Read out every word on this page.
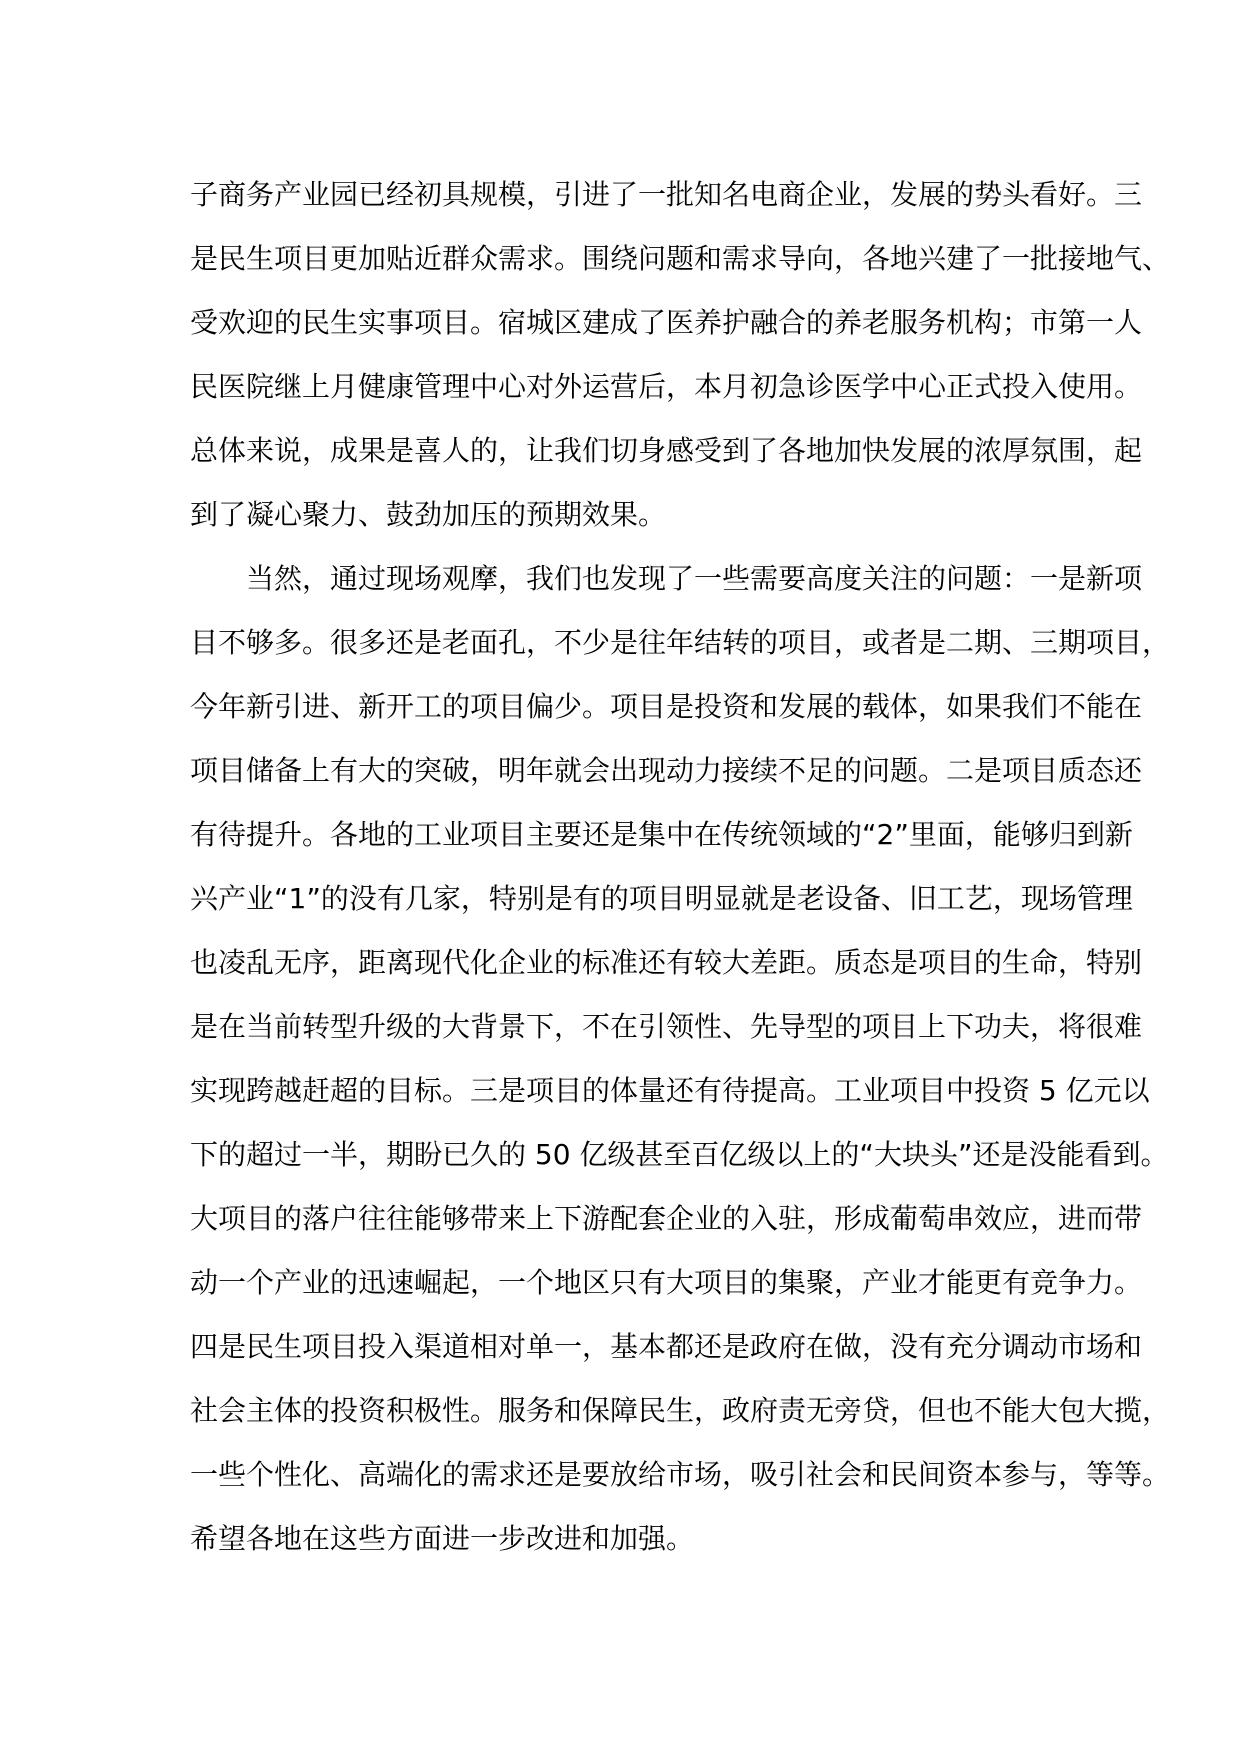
子商务产业园已经初具规模，引进了一批知名电商企业，发展的势头看好。三
是民生项目更加贴近群众需求。围绕问题和需求导向，各地兴建了一批接地气、
受欢迎的民生实事项目。宿城区建成了医养护融合的养老服务机构；市第一人
民医院继上月健康管理中心对外运营后，本月初急诊医学中心正式投入使用。
总体来说，成果是喜人的，让我们切身感受到了各地加快发展的浓厚氛围，起
到了凝心聚力、鼓劲加压的预期效果。
当然，通过现场观摩，我们也发现了一些需要高度关注的问题：一是新项
目不够多。很多还是老面孔，不少是往年结转的项目，或者是二期、三期项目，
今年新引进、新开工的项目偏少。项目是投资和发展的载体，如果我们不能在
项目储备上有大的突破，明年就会出现动力接续不足的问题。二是项目质态还
有待提升。各地的工业项目主要还是集中在传统领域的“2”里面，能够归到新
兴产业“1”的没有几家，特别是有的项目明显就是老设备、旧工艺，现场管理
也凌乱无序，距离现代化企业的标准还有较大差距。质态是项目的生命，特别
是在当前转型升级的大背景下，不在引领性、先导型的项目上下功夫，将很难
实现跨越赶超的目标。三是项目的体量还有待提高。工业项目中投资 5 亿元以
下的超过一半，期盼已久的 50 亿级甚至百亿级以上的“大块头”还是没能看到。
大项目的落户往往能够带来上下游配套企业的入驻，形成葡萄串效应，进而带
动一个产业的迅速崛起，一个地区只有大项目的集聚，产业才能更有竞争力。
四是民生项目投入渠道相对单一，基本都还是政府在做，没有充分调动市场和
社会主体的投资积极性。服务和保障民生，政府责无旁贷，但也不能大包大揽，
一些个性化、高端化的需求还是要放给市场，吸引社会和民间资本参与，等等。
希望各地在这些方面进一步改进和加强。
